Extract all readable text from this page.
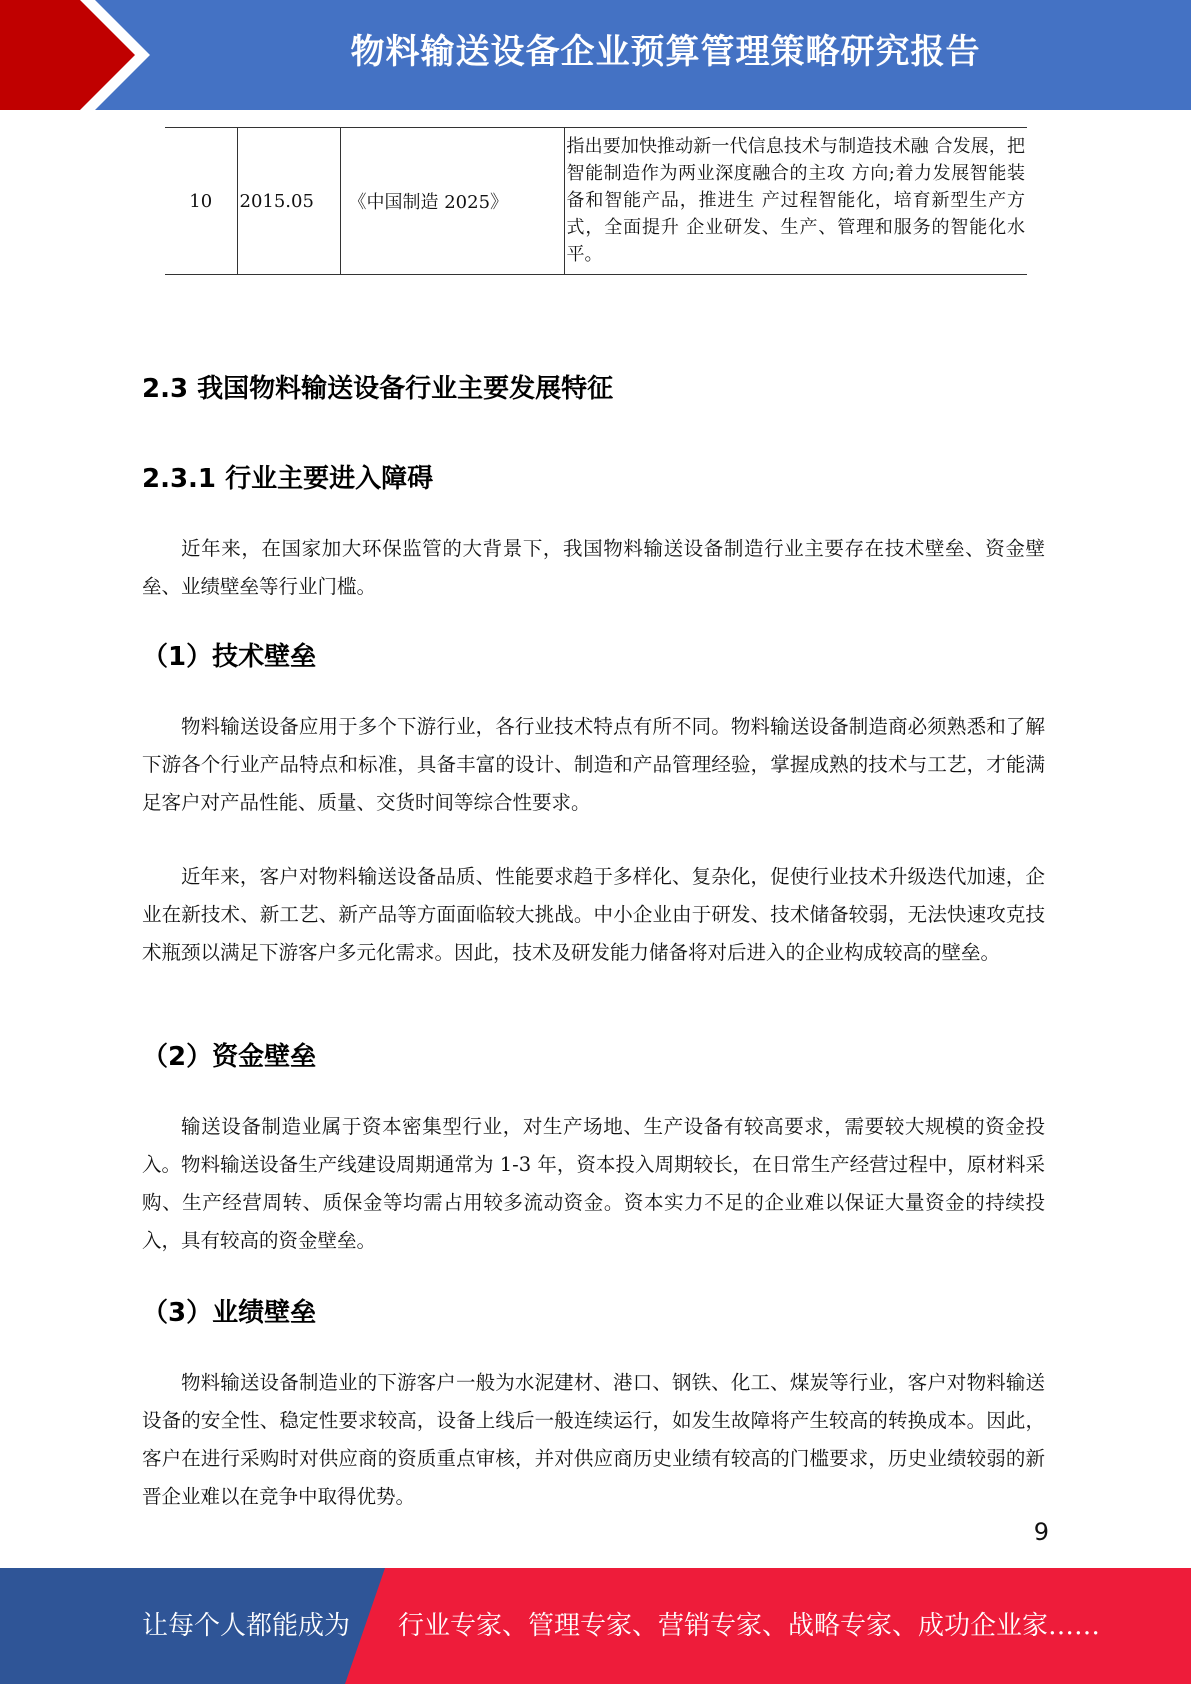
物料输送设备企业预算管理策略研究报告
10	2015.05	《中国制造 2025》	指出要加快推动新一代信息技术与制造技术融 合发展，把智能制造作为两业深度融合的主攻 方向;着力发展智能装备和智能产品，推进生 产过程智能化，培育新型生产方式，全面提升 企业研发、生产、管理和服务的智能化水平。
2.3 我国物料输送设备行业主要发展特征
2.3.1 行业主要进入障碍

近年来，在国家加大环保监管的大背景下，我国物料输送设备制造行业主要存在技术壁垒、资金壁垒、业绩壁垒等行业门槛。

（1）技术壁垒

物料输送设备应用于多个下游行业，各行业技术特点有所不同。物料输送设备制造商必须熟悉和了解下游各个行业产品特点和标准，具备丰富的设计、制造和产品管理经验，掌握成熟的技术与工艺，才能满足客户对产品性能、质量、交货时间等综合性要求。

近年来，客户对物料输送设备品质、性能要求趋于多样化、复杂化，促使行业技术升级迭代加速，企业在新技术、新工艺、新产品等方面面临较大挑战。中小企业由于研发、技术储备较弱，无法快速攻克技术瓶颈以满足下游客户多元化需求。因此，技术及研发能力储备将对后进入的企业构成较高的壁垒。

（2）资金壁垒

输送设备制造业属于资本密集型行业，对生产场地、生产设备有较高要求，需要较大规模的资金投入。物料输送设备生产线建设周期通常为 1-3 年，资本投入周期较长，在日常生产经营过程中，原材料采购、生产经营周转、质保金等均需占用较多流动资金。资本实力不足的企业难以保证大量资金的持续投入，具有较高的资金壁垒。

（3）业绩壁垒

物料输送设备制造业的下游客户一般为水泥建材、港口、钢铁、化工、煤炭等行业，客户对物料输送设备的安全性、稳定性要求较高，设备上线后一般连续运行，如发生故障将产生较高的转换成本。因此，客户在进行采购时对供应商的资质重点审核，并对供应商历史业绩有较高的门槛要求，历史业绩较弱的新晋企业难以在竞争中取得优势。

9
让每个人都能成为 行业专家、管理专家、营销专家、战略专家、成功企业家……
